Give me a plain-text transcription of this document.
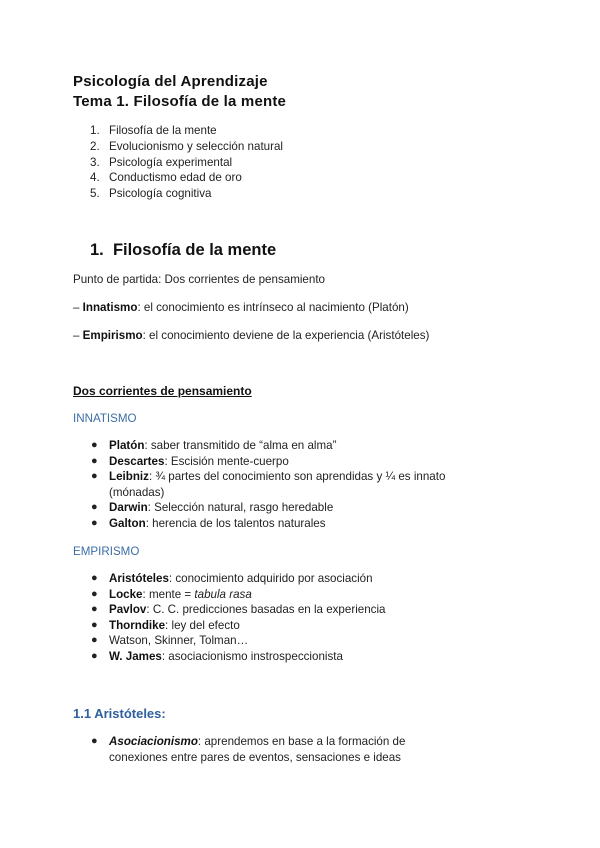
Psicología del Aprendizaje
Tema 1. Filosofía de la mente
1. Filosofía de la mente
2. Evolucionismo y selección natural
3. Psicología experimental
4. Conductismo edad de oro
5. Psicología cognitiva
1. Filosofía de la mente
Punto de partida: Dos corrientes de pensamiento
– Innatismo: el conocimiento es intrínseco al nacimiento (Platón)
– Empirismo: el conocimiento deviene de la experiencia (Aristóteles)
Dos corrientes de pensamiento
INNATISMO
● Platón: saber transmitido de “alma en alma”
● Descartes: Escisión mente-cuerpo
● Leibniz: ¾ partes del conocimiento son aprendidas y ¼ es innato
(mónadas)
● Darwin: Selección natural, rasgo heredable
● Galton: herencia de los talentos naturales
EMPIRISMO
● Aristóteles: conocimiento adquirido por asociación
● Locke: mente = tabula rasa
● Pavlov: C. C. predicciones basadas en la experiencia
● Thorndike: ley del efecto
● Watson, Skinner, Tolman…
● W. James: asociacionismo instrospeccionista
1.1 Aristóteles:
● Asociacionismo: aprendemos en base a la formación de
conexiones entre pares de eventos, sensaciones e ideas
